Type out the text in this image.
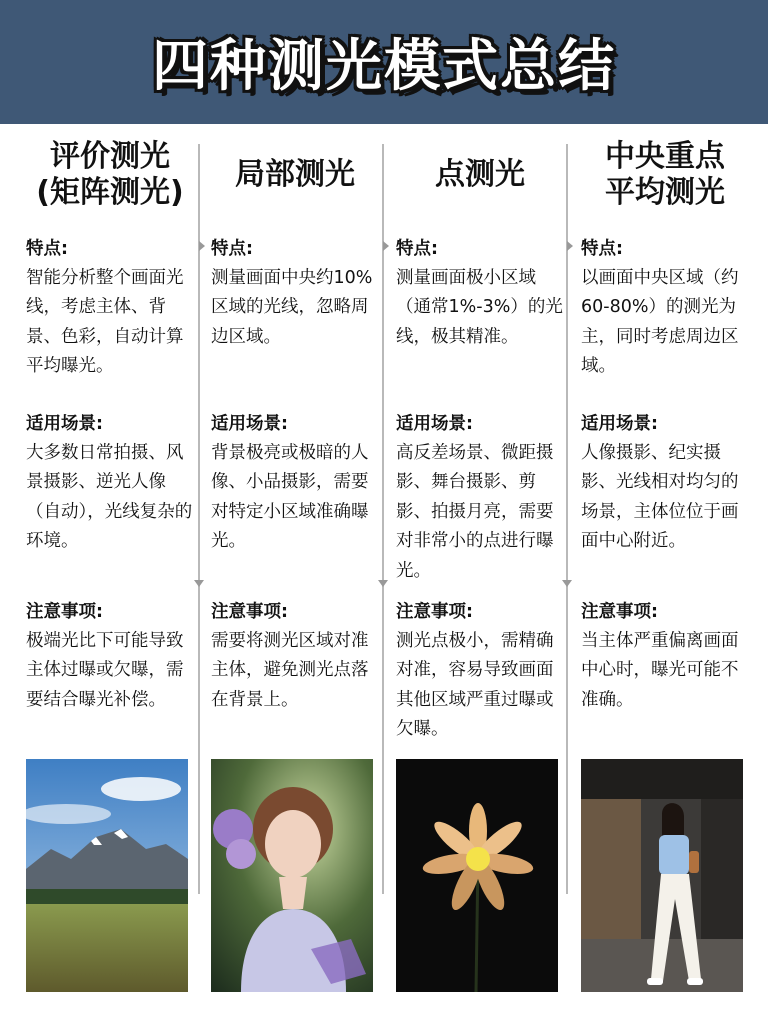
四种测光模式总结
评价测光
(矩阵测光)
特点:
智能分析整个画面光线，考虑主体、背景、色彩，自动计算平均曝光。
适用场景:
大多数日常拍摄、风景摄影、逆光人像（自动），光线复杂的环境。
注意事项:
极端光比下可能导致主体过曝或欠曝，需要结合曝光补偿。
局部测光
特点:
测量画面中央约10%区域的光线，忽略周边区域。
适用场景:
背景极亮或极暗的人像、小品摄影，需要对特定小区域准确曝光。
注意事项:
需要将测光区域对准主体，避免测光点落在背景上。
点测光
特点:
测量画面极小区域（通常1%-3%）的光线，极其精准。
适用场景:
高反差场景、微距摄影、舞台摄影、剪影、拍摄月亮，需要对非常小的点进行曝光。
注意事项:
测光点极小，需精确对准，容易导致画面其他区域严重过曝或欠曝。
中央重点
平均测光
特点:
以画面中央区域（约60-80%）的测光为主，同时考虑周边区域。
适用场景:
人像摄影、纪实摄影、光线相对均匀的场景，主体位位于画面中心附近。
注意事项:
当主体严重偏离画面中心时，曝光可能不准确。
